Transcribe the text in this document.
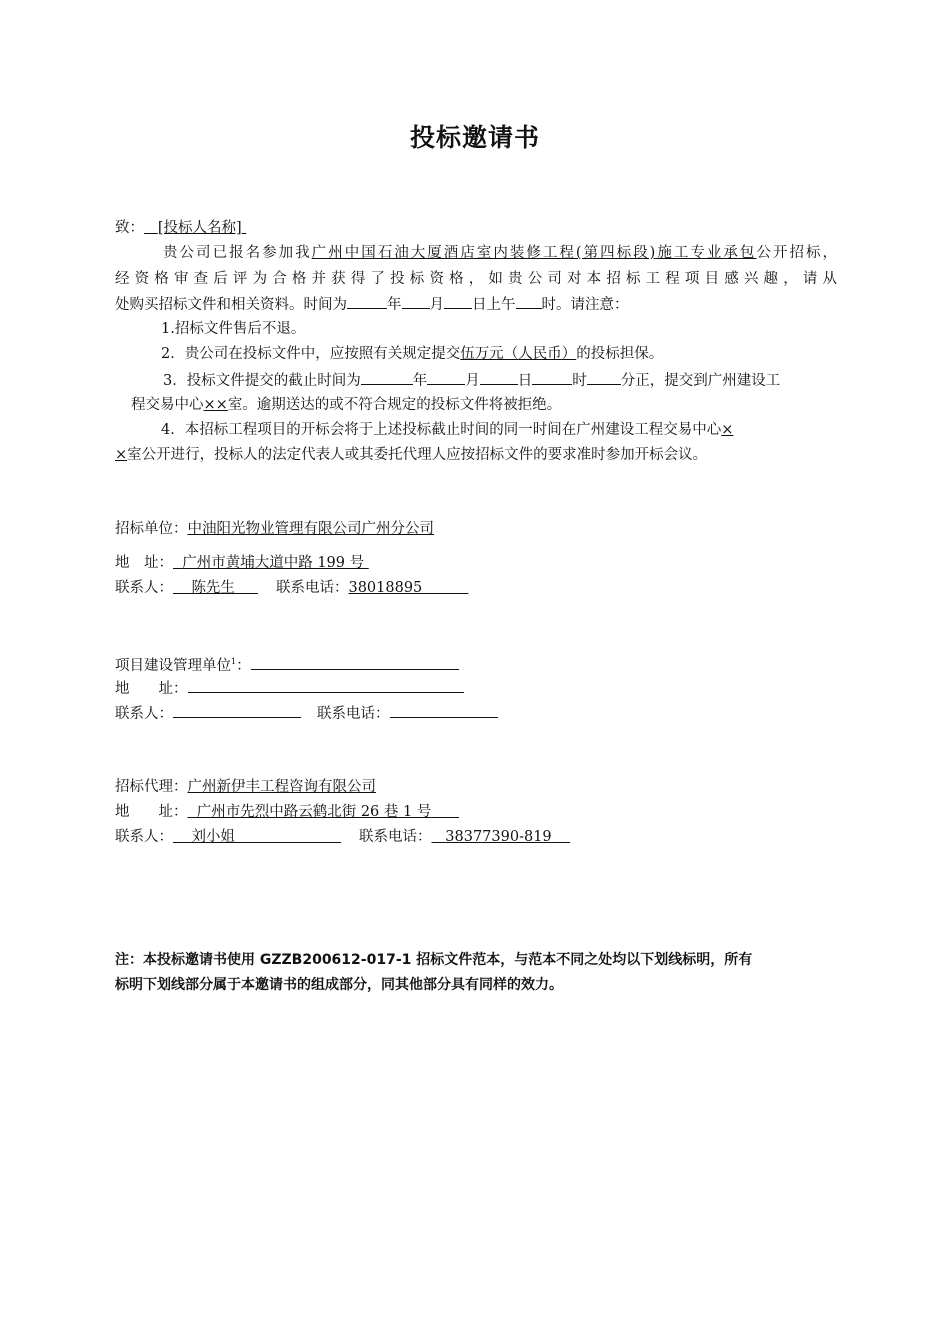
投标邀请书
致： [投标人名称]
贵公司已报名参加我广州中国石油大厦酒店室内装修工程(第四标段)施工专业承包公开招标，
经资格审查后评为合格并获得了投标资格，如贵公司对本招标工程项目感兴趣，请从
处购买招标文件和相关资料。时间为	年 月 日上午 时。请注意：
1.招标文件售后不退。
2．贵公司在投标文件中，应按照有关规定提交伍万元（人民币）的投标担保。
3．投标文件提交的截止时间为	年	月	日	时 分正，提交到广州建设工
程交易中心××室。逾期送达的或不符合规定的投标文件将被拒绝。
4．本招标工程项目的开标会将于上述投标截止时间的同一时间在广州建设工程交易中心×
×室公开进行，投标人的法定代表人或其委托代理人应按招标文件的要求准时参加开标会议。
招标单位：中油阳光物业管理有限公司广州分公司
地　址： 广州市黄埔大道中路 199 号
联系人： 陈先生	联系电话：38018895
项目建设管理单位$^1$：
地　　址：
联系人：	联系电话：
招标代理：广州新伊丰工程咨询有限公司
地　　址： 广州市先烈中路云鹤北街 26 巷 1 号
联系人： 刘小姐	联系电话： 38377390-819
注：本投标邀请书使用 GZZB200612-017-1 招标文件范本，与范本不同之处均以下划线标明，所有
标明下划线部分属于本邀请书的组成部分，同其他部分具有同样的效力。
